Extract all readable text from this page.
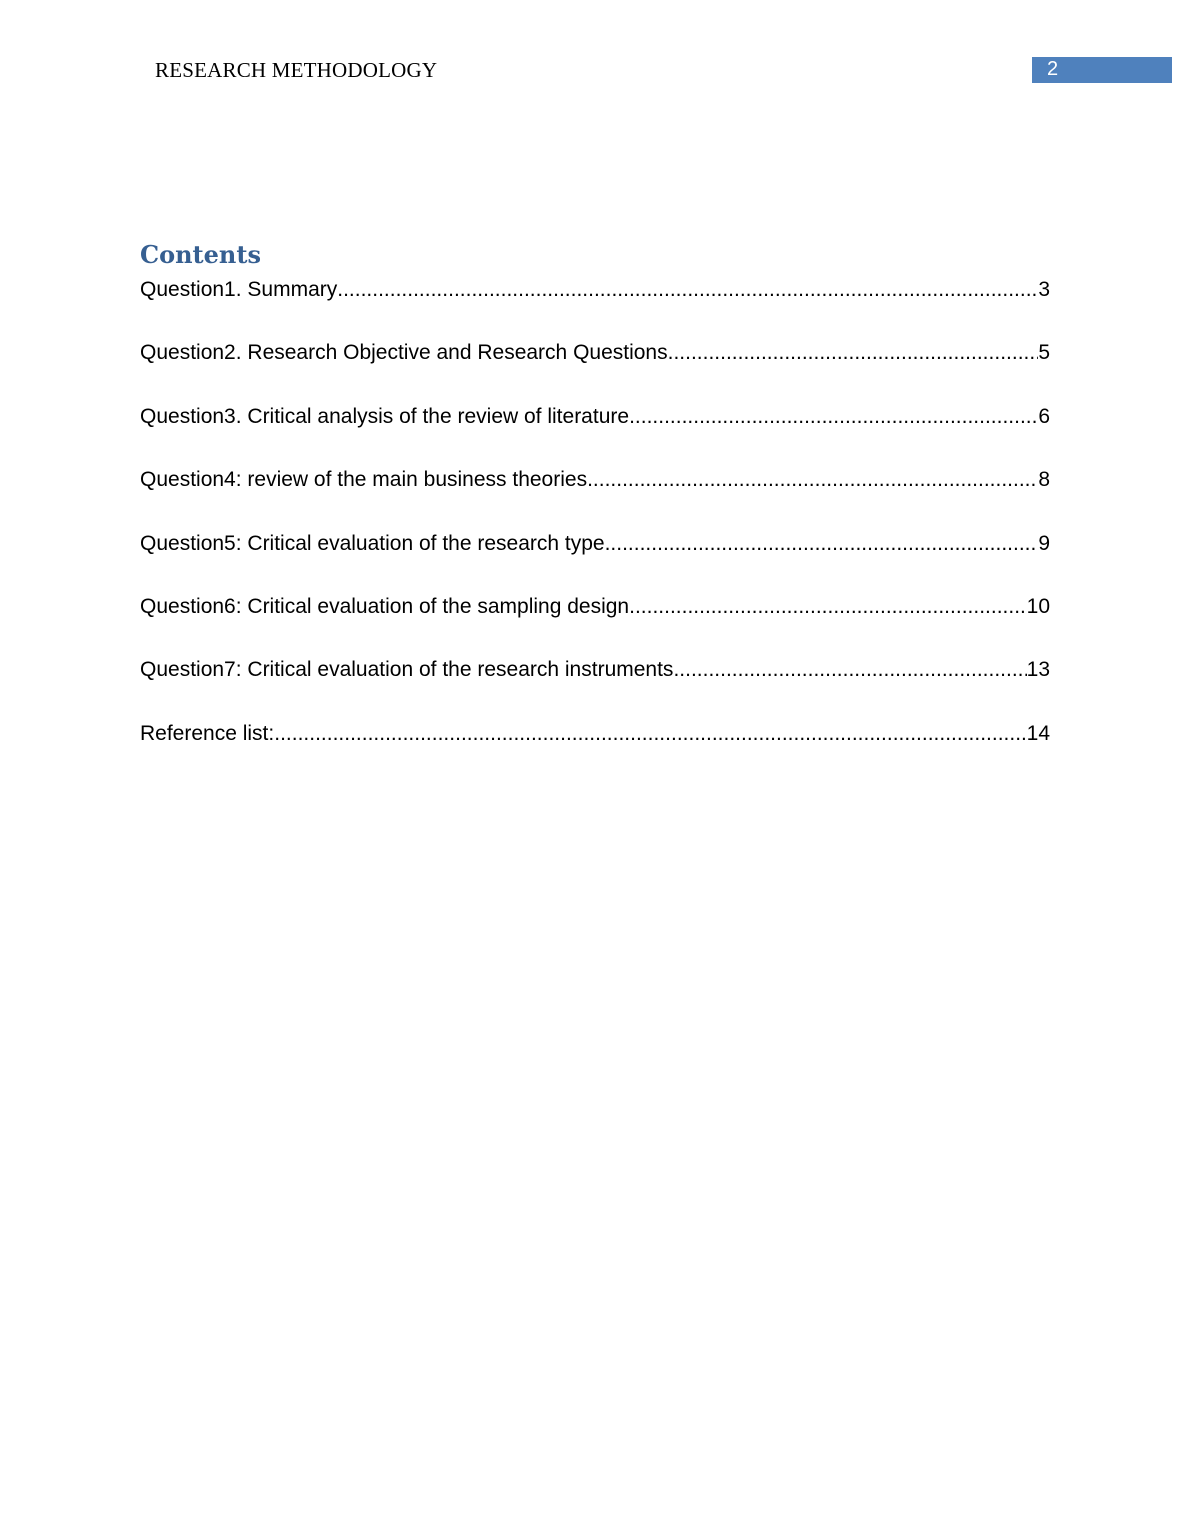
RESEARCH METHODOLOGY	2
Contents
Question1. Summary .....	3
Question2. Research Objective and Research Questions .....	5
Question3. Critical analysis of the review of literature .....	6
Question4: review of the main business theories .....	8
Question5: Critical evaluation of the research type .....	9
Question6: Critical evaluation of the sampling design .....	10
Question7: Critical evaluation of the research instruments .....	13
Reference list: .....	14
